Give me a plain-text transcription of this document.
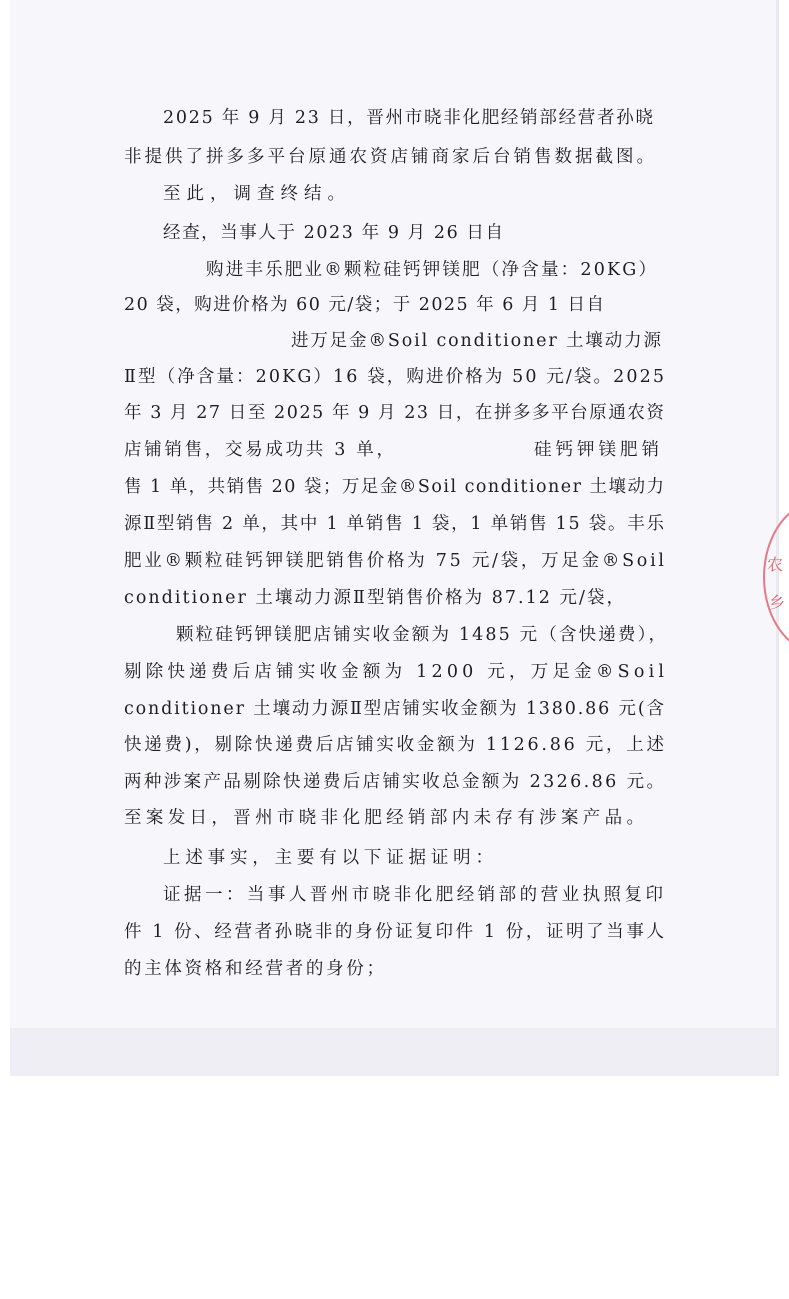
2025 年 9 月 23 日，晋州市晓非化肥经销部经营者孙晓
非提供了拼多多平台原通农资店铺商家后台销售数据截图。
至此，调查终结。
经查，当事人于 2023 年 9 月 26 日自
购进丰乐肥业®颗粒硅钙钾镁肥（净含量：20KG）
20 袋，购进价格为 60 元/袋；于 2025 年 6 月 1 日自
进万足金®Soil conditioner 土壤动力源
Ⅱ型（净含量：20KG）16 袋，购进价格为 50 元/袋。2025
年 3 月 27 日至 2025 年 9 月 23 日，在拼多多平台原通农资
店铺销售，交易成功共 3 单，	硅钙钾镁肥销
售 1 单，共销售 20 袋；万足金®Soil conditioner 土壤动力
源Ⅱ型销售 2 单，其中 1 单销售 1 袋，1 单销售 15 袋。丰乐
肥业®颗粒硅钙钾镁肥销售价格为 75 元/袋，万足金®Soil
conditioner 土壤动力源Ⅱ型销售价格为 87.12 元/袋，
颗粒硅钙钾镁肥店铺实收金额为 1485 元（含快递费），
剔除快递费后店铺实收金额为 1200 元，万足金®Soil
conditioner 土壤动力源Ⅱ型店铺实收金额为 1380.86 元(含
快递费)，剔除快递费后店铺实收金额为 1126.86 元，上述
两种涉案产品剔除快递费后店铺实收总金额为 2326.86 元。
至案发日，晋州市晓非化肥经销部内未存有涉案产品。
上述事实，主要有以下证据证明：
证据一：当事人晋州市晓非化肥经销部的营业执照复印
件 1 份、经营者孙晓非的身份证复印件 1 份，证明了当事人
的主体资格和经营者的身份；
农
乡
